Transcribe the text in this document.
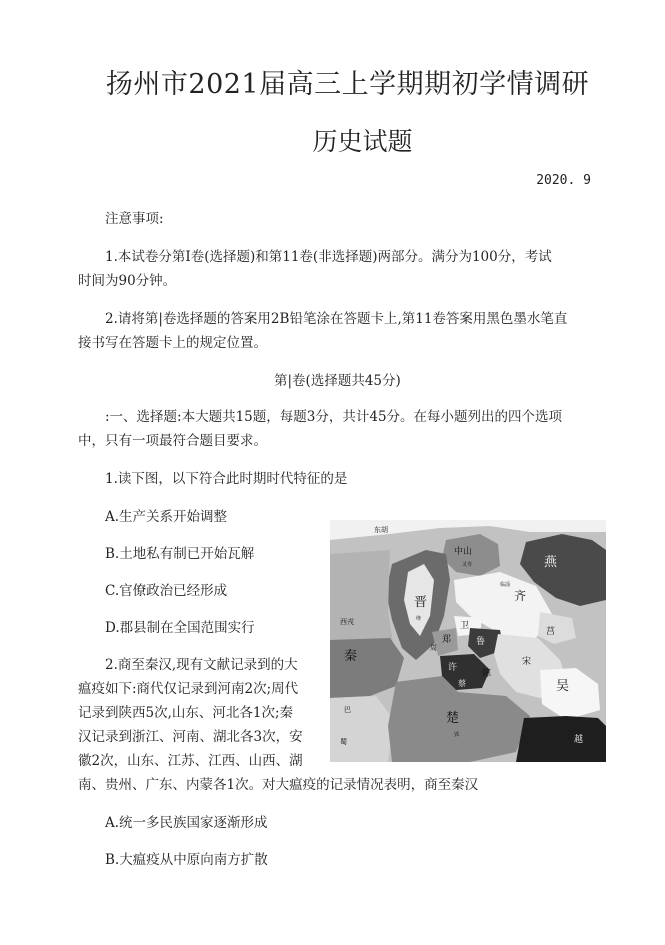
扬州市2021届高三上学期期初学情调研
历史试题
2020. 9
注意事项:
1.本试卷分第Ⅰ卷(选择题)和第11卷(非选择题)两部分。满分为100分，考试
时间为90分钟。
2.请将第|卷选择题的答案用2B铅笔涂在答题卡上,第11卷答案用黑色墨水笔直
接书写在答题卡上的规定位置。
第|卷(选择题共45分)
:一、选择题:本大题共15题，每题3分，共计45分。在每小题列出的四个选项
中，只有一项最符合题目要求。
1.读下图，以下符合此时期时代特征的是
A.生产关系开始调整
B.土地私有制已开始瓦解
C.官僚政治已经形成
D.郡县制在全国范围实行
2.商至秦汉,现有文献记录到的大
瘟疫如下:商代仅记录到河南2次;周代
记录到陕西5次,山东、河北各1次;秦
汉记录到浙江、河南、湖北各3次，安
徽2次，山东、江苏、江西、山西、湖
南、贵州、广东、内蒙各1次。对大瘟疫的记录情况表明，商至秦汉
A.统一多民族国家逐渐形成
B.大瘟疫从中原向南方扩散
东胡
燕
中山
灵寿
晋
绛
卫
齐
临淄
鲁
莒
郑
周
宋
秦
许
陈
西戎
蔡	吴
巴
蜀
楚
郢	越
